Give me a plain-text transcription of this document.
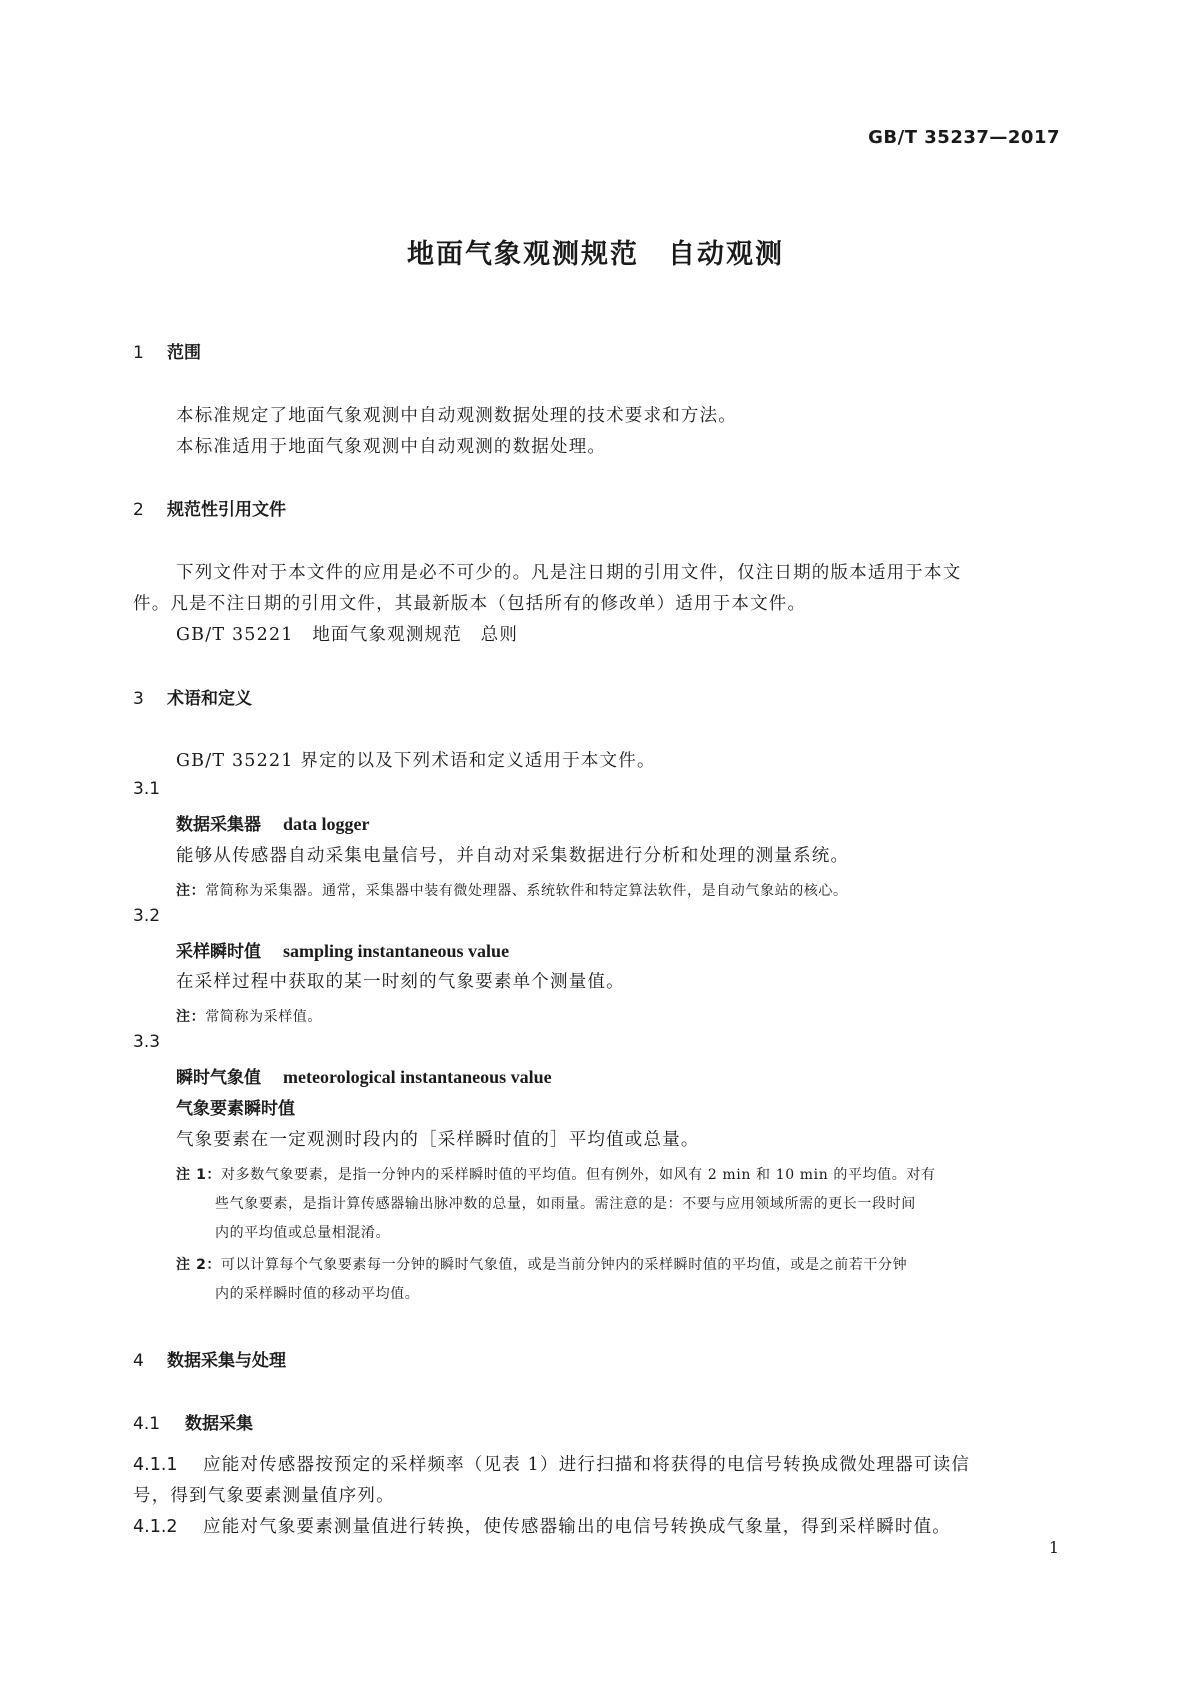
GB/T 35237—2017
地面气象观测规范　自动观测
1 范围
本标准规定了地面气象观测中自动观测数据处理的技术要求和方法。
本标准适用于地面气象观测中自动观测的数据处理。
2 规范性引用文件
下列文件对于本文件的应用是必不可少的。凡是注日期的引用文件，仅注日期的版本适用于本文
件。凡是不注日期的引用文件，其最新版本（包括所有的修改单）适用于本文件。
GB/T 35221　地面气象观测规范　总则
3 术语和定义
GB/T 35221 界定的以及下列术语和定义适用于本文件。
3.1
数据采集器 data logger
能够从传感器自动采集电量信号，并自动对采集数据进行分析和处理的测量系统。
注：常简称为采集器。通常，采集器中装有微处理器、系统软件和特定算法软件，是自动气象站的核心。
3.2
采样瞬时值 sampling instantaneous value
在采样过程中获取的某一时刻的气象要素单个测量值。
注：常简称为采样值。
3.3
瞬时气象值 meteorological instantaneous value
气象要素瞬时值
气象要素在一定观测时段内的［采样瞬时值的］平均值或总量。
注 1：对多数气象要素，是指一分钟内的采样瞬时值的平均值。但有例外，如风有 2 min 和 10 min 的平均值。对有
些气象要素，是指计算传感器输出脉冲数的总量，如雨量。需注意的是：不要与应用领域所需的更长一段时间
内的平均值或总量相混淆。
注 2：可以计算每个气象要素每一分钟的瞬时气象值，或是当前分钟内的采样瞬时值的平均值，或是之前若干分钟
内的采样瞬时值的移动平均值。
4 数据采集与处理
4.1 数据采集
4.1.1 应能对传感器按预定的采样频率（见表 1）进行扫描和将获得的电信号转换成微处理器可读信
号，得到气象要素测量值序列。
4.1.2 应能对气象要素测量值进行转换，使传感器输出的电信号转换成气象量，得到采样瞬时值。
1
